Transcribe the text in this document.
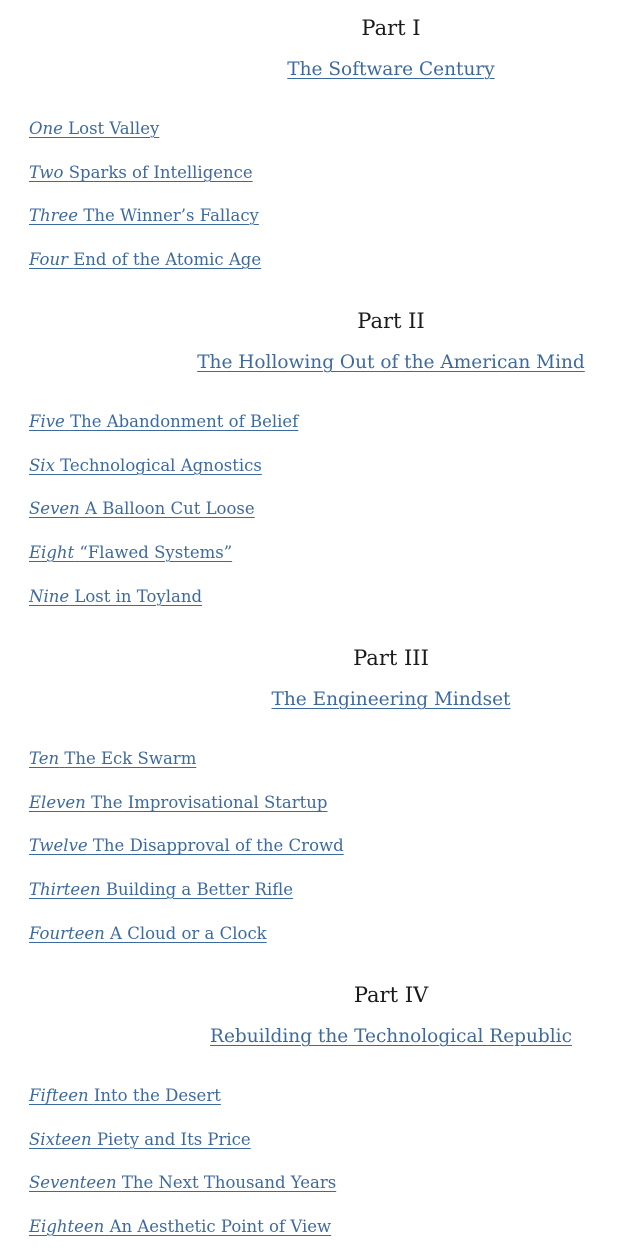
Part I
The Software Century
One Lost Valley
Two Sparks of Intelligence
Three The Winner’s Fallacy
Four End of the Atomic Age
Part II
The Hollowing Out of the American Mind
Five The Abandonment of Belief
Six Technological Agnostics
Seven A Balloon Cut Loose
Eight “Flawed Systems”
Nine Lost in Toyland
Part III
The Engineering Mindset
Ten The Eck Swarm
Eleven The Improvisational Startup
Twelve The Disapproval of the Crowd
Thirteen Building a Better Rifle
Fourteen A Cloud or a Clock
Part IV
Rebuilding the Technological Republic
Fifteen Into the Desert
Sixteen Piety and Its Price
Seventeen The Next Thousand Years
Eighteen An Aesthetic Point of View
